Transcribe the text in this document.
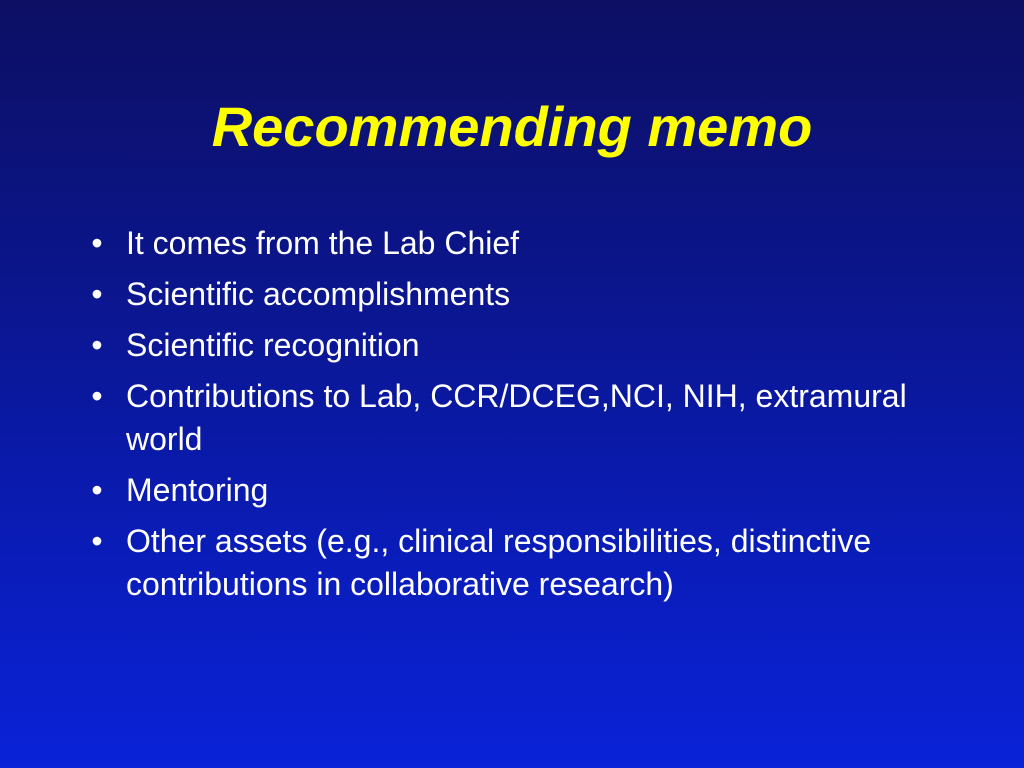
Recommending memo
• It comes from the Lab Chief
• Scientific accomplishments
• Scientific recognition
• Contributions to Lab, CCR/DCEG,NCI, NIH, extramural world
• Mentoring
• Other assets (e.g., clinical responsibilities, distinctive contributions in collaborative research)
